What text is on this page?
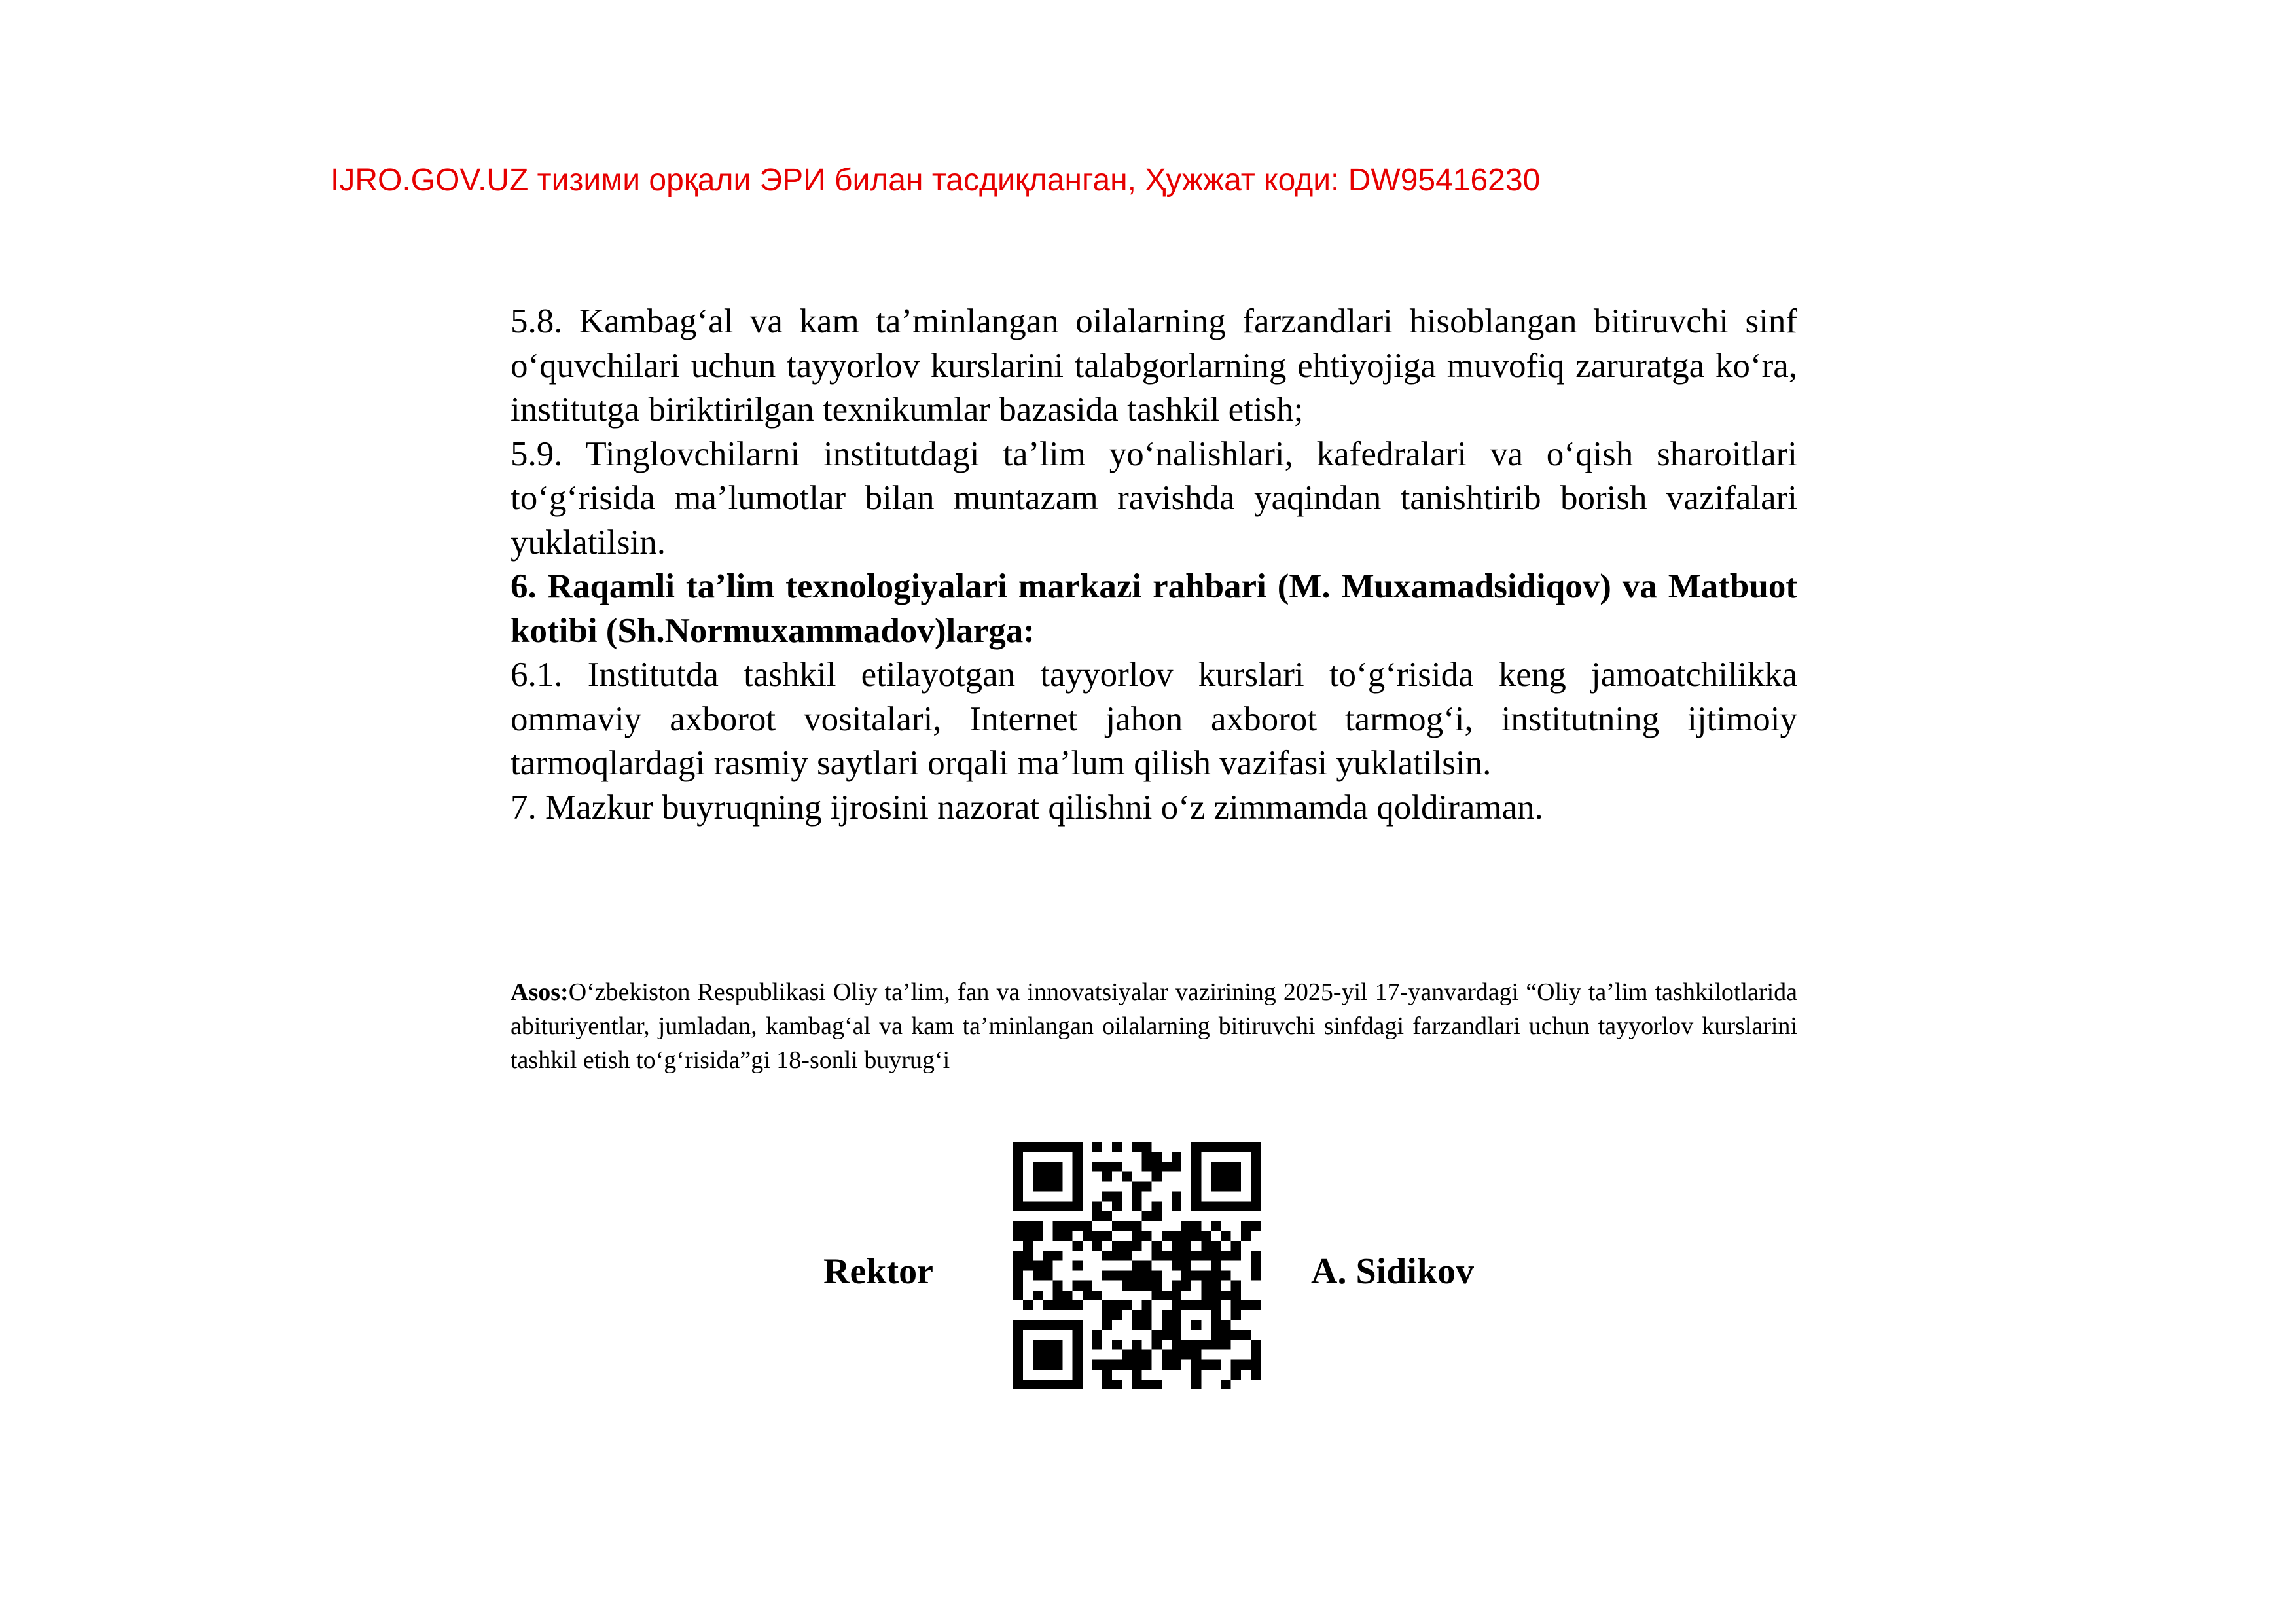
IJRO.GOV.UZ тизими орқали ЭРИ билан тасдиқланган, Ҳужжат коди: DW95416230

5.8. Kambag‘al va kam ta’minlangan oilalarning farzandlari hisoblangan bitiruvchi sinf o‘quvchilari uchun tayyorlov kurslarini talabgorlarning ehtiyojiga muvofiq zaruratga ko‘ra, institutga biriktirilgan texnikumlar bazasida tashkil etish;

5.9. Tinglovchilarni institutdagi ta’lim yo‘nalishlari, kafedralari va o‘qish sharoitlari to‘g‘risida ma’lumotlar bilan muntazam ravishda yaqindan tanishtirib borish vazifalari yuklatilsin.

6. Raqamli ta’lim texnologiyalari markazi rahbari (M. Muxamadsidiqov) va Matbuot kotibi (Sh.Normuxammadov)larga:

6.1. Institutda tashkil etilayotgan tayyorlov kurslari to‘g‘risida keng jamoatchilikka ommaviy axborot vositalari, Internet jahon axborot tarmog‘i, institutning ijtimoiy tarmoqlardagi rasmiy saytlari orqali ma’lum qilish vazifasi yuklatilsin.

7. Mazkur buyruqning ijrosini nazorat qilishni o‘z zimmamda qoldiraman.

Asos:O‘zbekiston Respublikasi Oliy ta’lim, fan va innovatsiyalar vazirining 2025-yil 17-yanvardagi “Oliy ta’lim tashkilotlarida abituriyentlar, jumladan, kambag‘al va kam ta’minlangan oilalarning bitiruvchi sinfdagi farzandlari uchun tayyorlov kurslarini tashkil etish to‘g‘risida”gi 18-sonli buyrug‘i
Rektor	A. Sidikov
